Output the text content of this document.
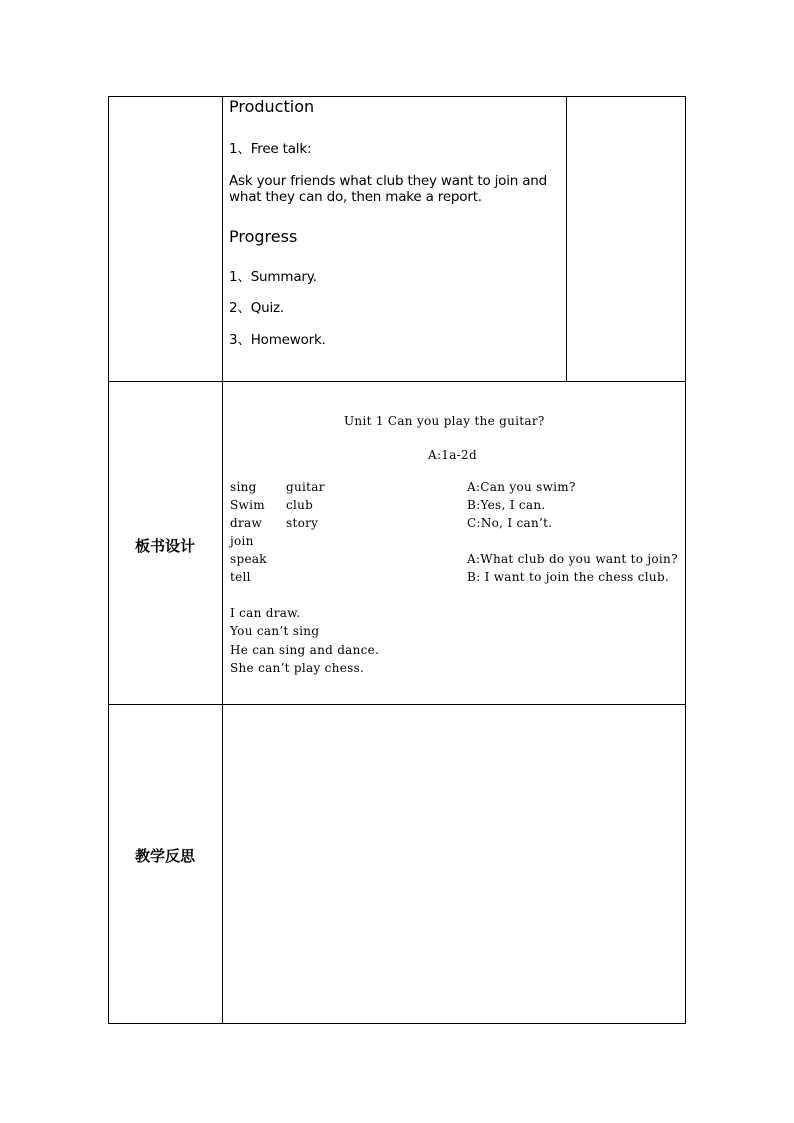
Production
1、Free talk:
Ask your friends what club they want to join and what they can do, then make a report.
Progress
1、Summary.
2、Quiz.
3、Homework.
板书设计
Unit 1 Can you play the guitar?
A:1a-2d
sing
Swim
draw
join
speak
tell
guitar
club
story
A:Can you swim?
B:Yes, I can.
C:No, I can’t.
A:What club do you want to join?
B: I want to join the chess club.
I can draw.
You can’t sing
He can sing and dance.
She can’t play chess.
教学反思
